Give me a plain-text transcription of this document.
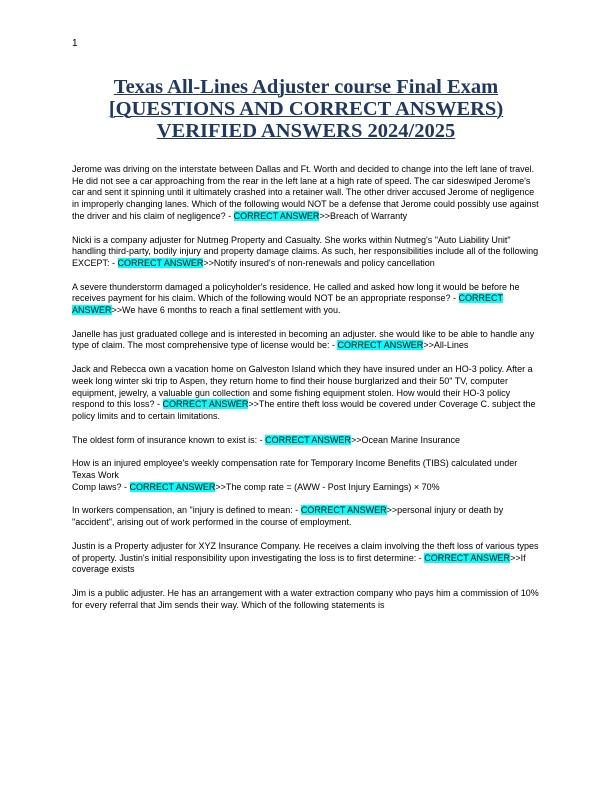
1
Texas All-Lines Adjuster course Final Exam
[QUESTIONS AND CORRECT ANSWERS)
VERIFIED ANSWERS 2024/2025
Jerome was driving on the interstate between Dallas and Ft. Worth and decided to change into the left lane of travel. He did not see a car approaching from the rear in the left lane at a high rate of speed. The car sideswiped Jerome's car and sent it spinning until it ultimately crashed into a retainer wall. The other driver accused Jerome of negligence in improperly changing lanes. Which of the following would NOT be a defense that Jerome could possibly use against the driver and his claim of negligence? - CORRECT ANSWER>>Breach of Warranty
Nicki is a company adjuster for Nutmeg Property and Casualty. She works within Nutmeg's "Auto Liability Unit" handling third-party, bodily injury and property damage claims. As such, her responsibilities include all of the following EXCEPT: - CORRECT ANSWER>>Notify insured's of non-renewals and policy cancellation
A severe thunderstorm damaged a policyholder's residence. He called and asked how long it would be before he receives payment for his claim. Which of the following would NOT be an appropriate response? - CORRECT ANSWER>>We have 6 months to reach a final settlement with you.
Janelle has just graduated college and is interested in becoming an adjuster. she would like to be able to handle any type of claim. The most comprehensive type of license would be: - CORRECT ANSWER>>All-Lines
Jack and Rebecca own a vacation home on Galveston Island which they have insured under an HO-3 policy. After a week long winter ski trip to Aspen, they return home to find their house burglarized and their 50" TV, computer equipment, jewelry, a valuable gun collection and some fishing equipment stolen. How would their HO-3 policy respond to this loss? - CORRECT ANSWER>>The entire theft loss would be covered under Coverage C. subject the policy limits and to certain limitations.
The oldest form of insurance known to exist is: - CORRECT ANSWER>>Ocean Marine Insurance
How is an injured employee's weekly compensation rate for Temporary Income Benefits (TIBS) calculated under Texas Work
Comp laws? - CORRECT ANSWER>>The comp rate = (AWW - Post Injury Earnings) × 70%
In workers compensation, an "injury is defined to mean: - CORRECT ANSWER>>personal injury or death by "accident", arising out of work performed in the course of employment.
Justin is a Property adjuster for XYZ Insurance Company. He receives a claim involving the theft loss of various types of property. Justin's initial responsibility upon investigating the loss is to first determine: - CORRECT ANSWER>>If coverage exists
Jim is a public adjuster. He has an arrangement with a water extraction company who pays him a commission of 10% for every referral that Jim sends their way. Which of the following statements is
